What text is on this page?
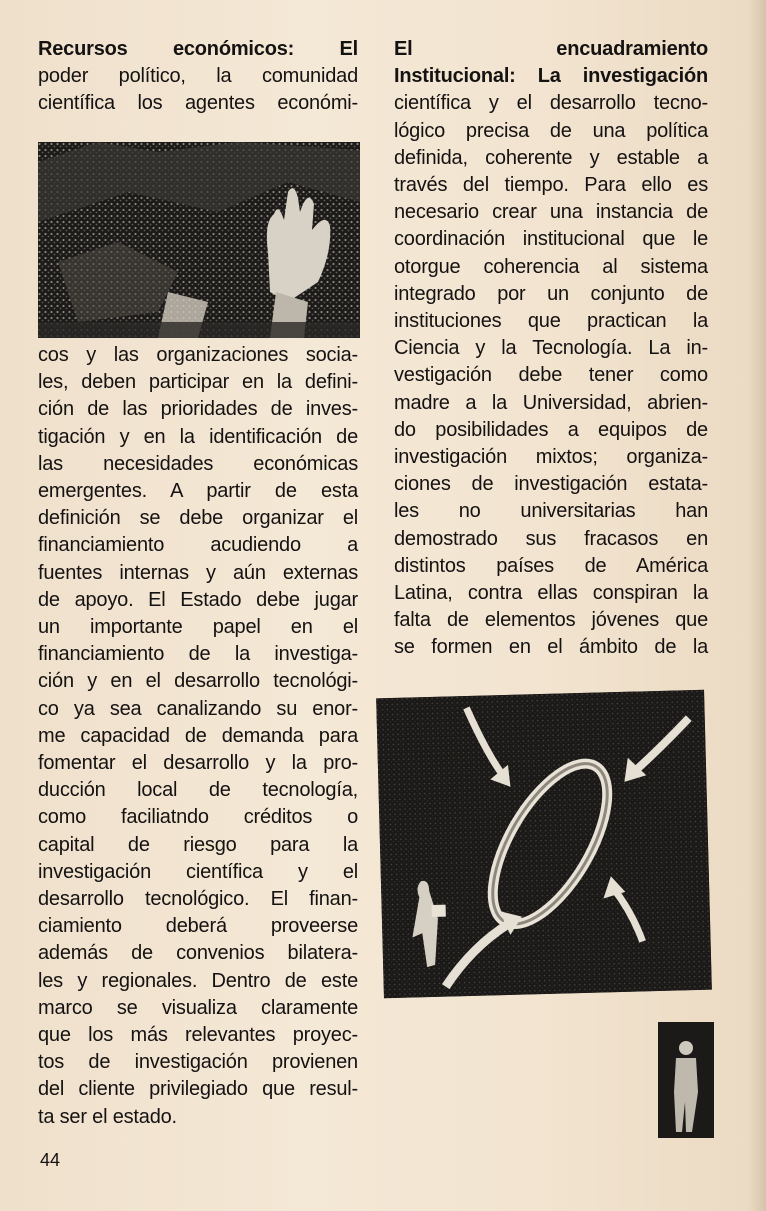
Recursos económicos: El
poder político, la comunidad
científica los agentes económi-
cos y las organizaciones socia-
les, deben participar en la defini-
ción de las prioridades de inves-
tigación y en la identificación de
las necesidades económicas
emergentes. A partir de esta
definición se debe organizar el
financiamiento acudiendo a
fuentes internas y aún externas
de apoyo. El Estado debe jugar
un importante papel en el
financiamiento de la investiga-
ción y en el desarrollo tecnológi-
co ya sea canalizando su enor-
me capacidad de demanda para
fomentar el desarrollo y la pro-
ducción local de tecnología,
como faciliatndo créditos o
capital de riesgo para la
investigación científica y el
desarrollo tecnológico. El finan-
ciamiento deberá proveerse
además de convenios bilatera-
les y regionales. Dentro de este
marco se visualiza claramente
que los más relevantes proyec-
tos de investigación provienen
del cliente privilegiado que resul-
ta ser el estado.
El encuadramiento
Institucional: La investigación
científica y el desarrollo tecno-
lógico precisa de una política
definida, coherente y estable a
través del tiempo. Para ello es
necesario crear una instancia de
coordinación institucional que le
otorgue coherencia al sistema
integrado por un conjunto de
instituciones que practican la
Ciencia y la Tecnología. La in-
vestigación debe tener como
madre a la Universidad, abrien-
do posibilidades a equipos de
investigación mixtos; organiza-
ciones de investigación estata-
les no universitarias han
demostrado sus fracasos en
distintos países de América
Latina, contra ellas conspiran la
falta de elementos jóvenes que
se formen en el ámbito de la
44
